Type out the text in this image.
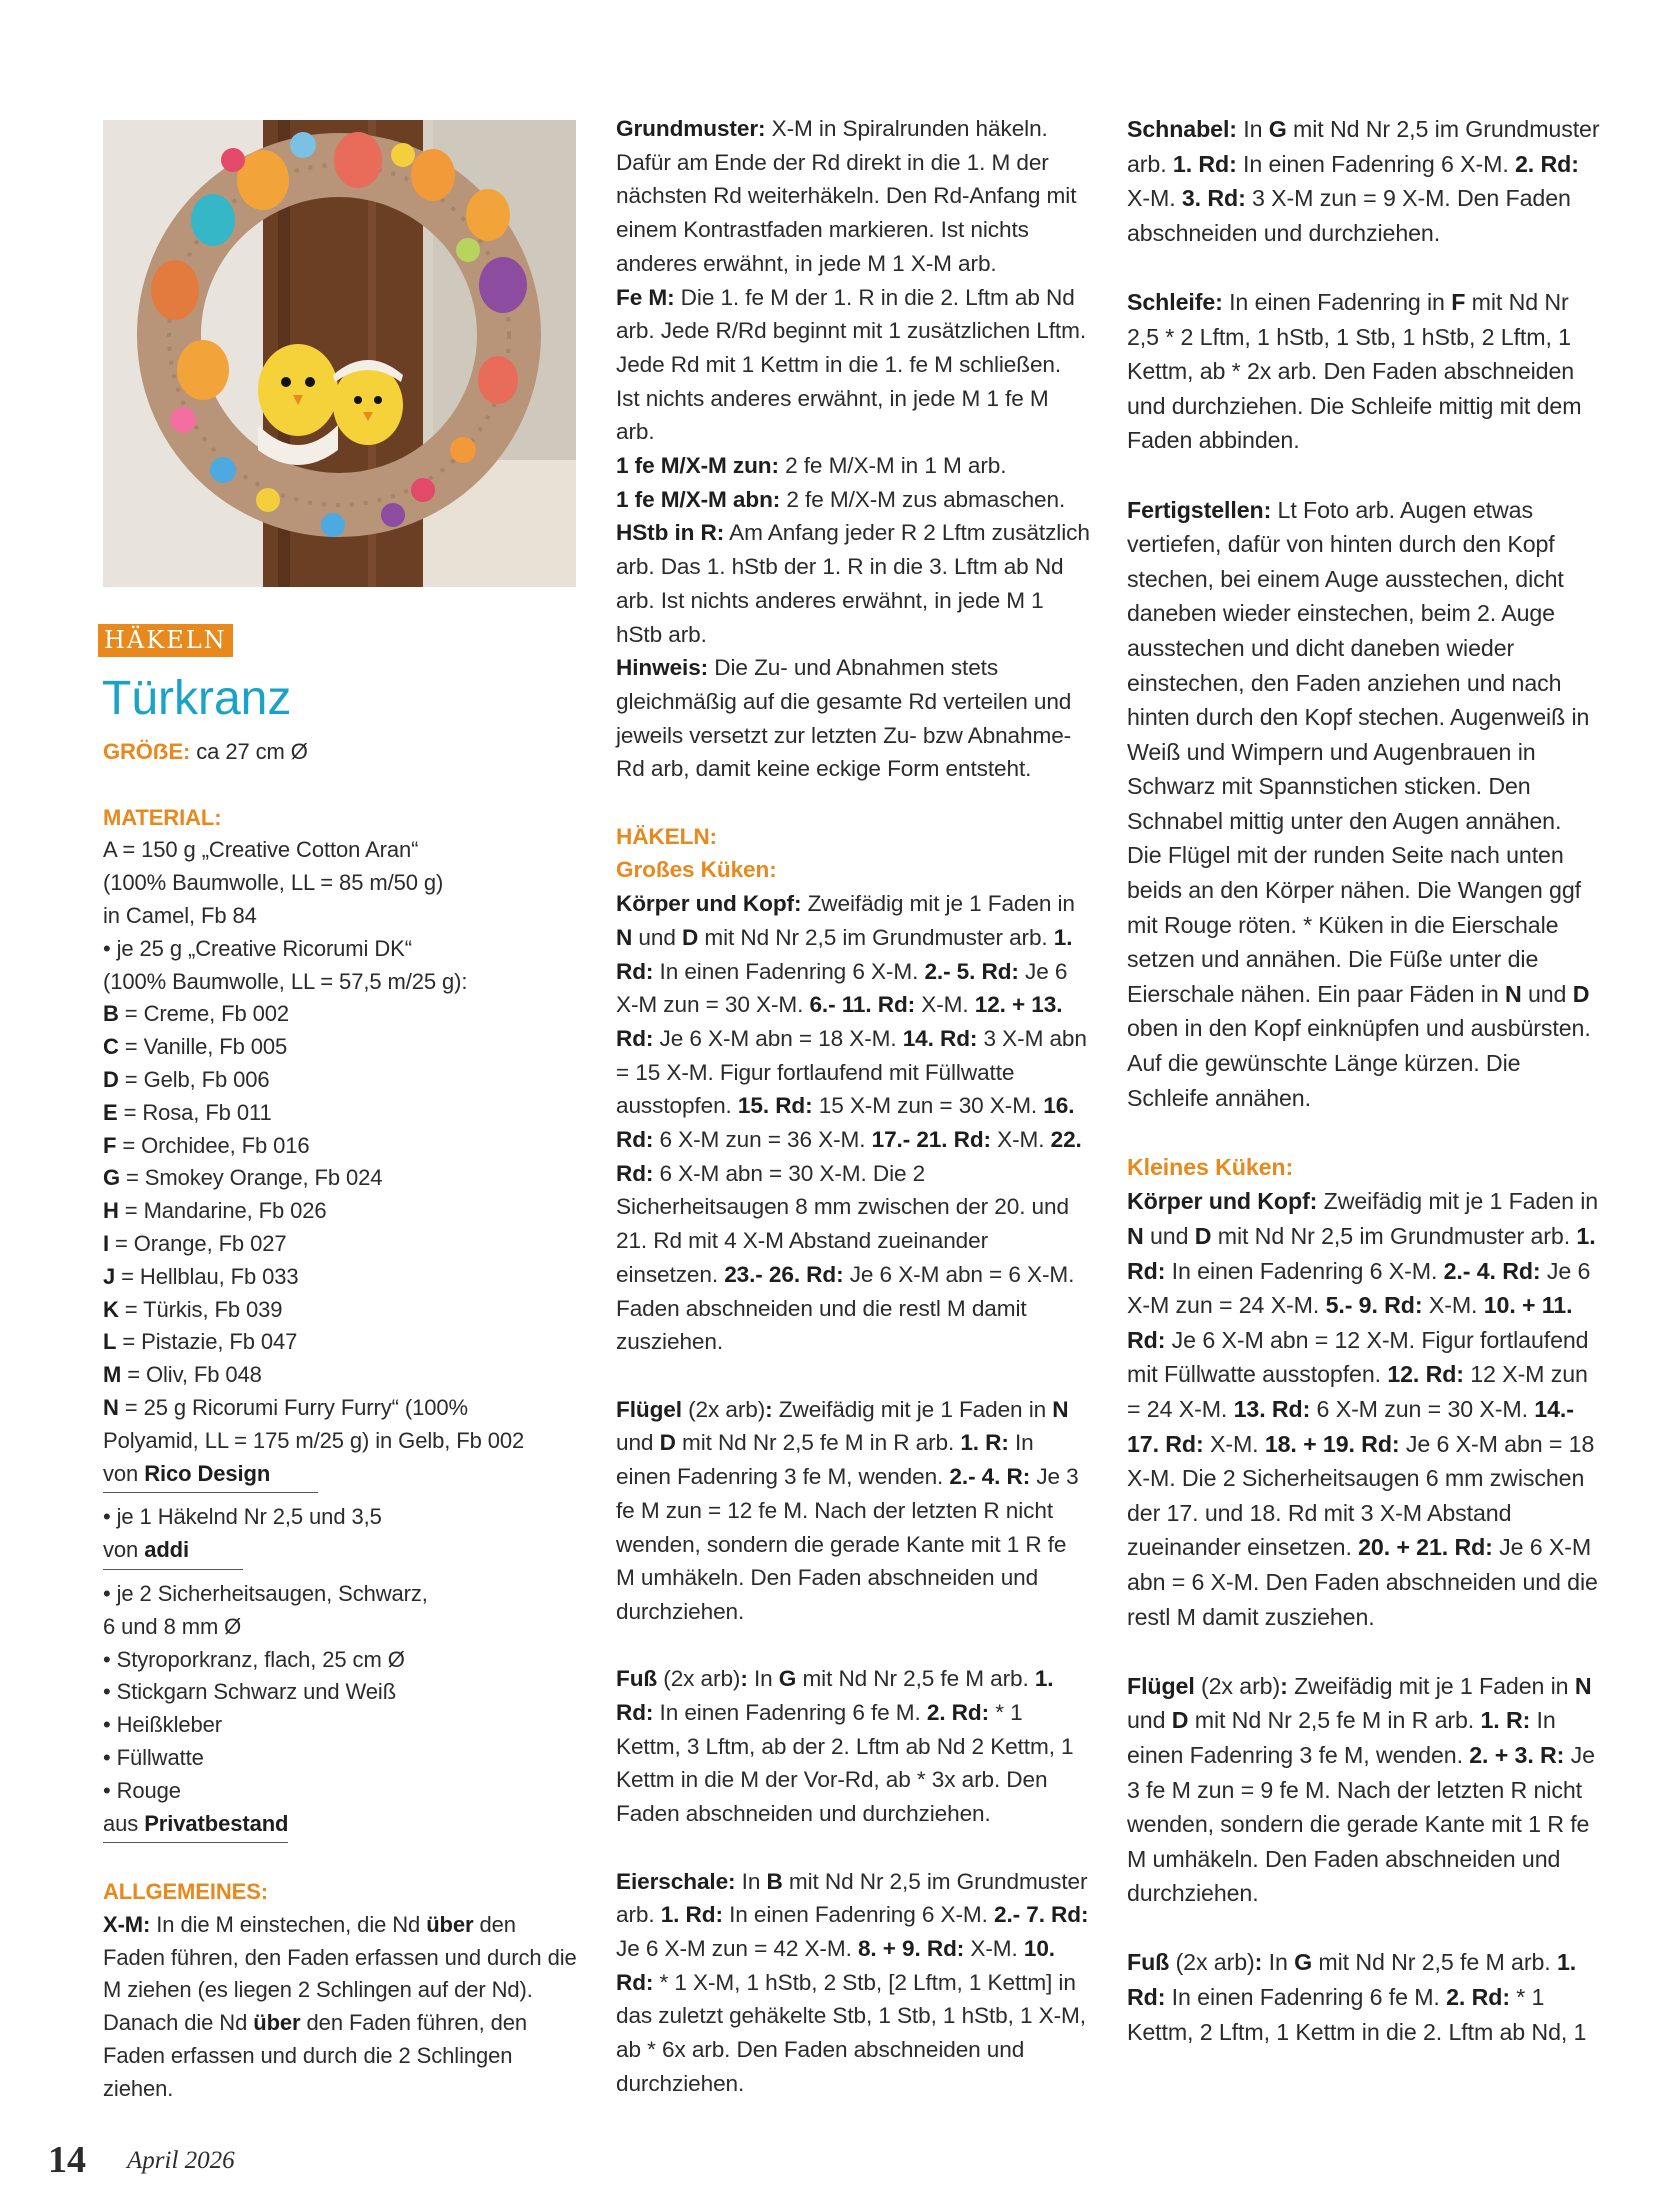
HÄKELN
Türkranz

GRÖẞE: ca 27 cm Ø

MATERIAL:

A = 150 g „Creative Cotton Aran“

(100% Baumwolle, LL = 85 m/50 g)

in Camel, Fb 84

• je 25 g „Creative Ricorumi DK“

(100% Baumwolle, LL = 57,5 m/25 g):

B = Creme, Fb 002

C = Vanille, Fb 005

D = Gelb, Fb 006

E = Rosa, Fb 011

F = Orchidee, Fb 016

G = Smokey Orange, Fb 024

H = Mandarine, Fb 026

I = Orange, Fb 027

J = Hellblau, Fb 033

K = Türkis, Fb 039

L = Pistazie, Fb 047

M = Oliv, Fb 048

N = 25 g Ricorumi Furry Furry“ (100%

Polyamid, LL = 175 m/25 g) in Gelb, Fb 002

von Rico Design

• je 1 Häkelnd Nr 2,5 und 3,5

von addi

• je 2 Sicherheitsaugen, Schwarz,

6 und 8 mm Ø

• Styroporkranz, flach, 25 cm Ø

• Stickgarn Schwarz und Weiß

• Heißkleber

• Füllwatte

• Rouge

aus Privatbestand

ALLGEMEINES:

X-M: In die M einstechen, die Nd über den Faden führen, den Faden erfassen und durch die M ziehen (es liegen 2 Schlingen auf der Nd). Danach die Nd über den Faden führen, den Faden erfassen und durch die 2 Schlingen ziehen.

Grundmuster: X-M in Spiralrunden häkeln. Dafür am Ende der Rd direkt in die 1. M der nächsten Rd weiterhäkeln. Den Rd-Anfang mit einem Kontrastfaden markieren. Ist nichts anderes erwähnt, in jede M 1 X-M arb.

Fe M: Die 1. fe M der 1. R in die 2. Lftm ab Nd arb. Jede R/Rd beginnt mit 1 zusätzlichen Lftm. Jede Rd mit 1 Kettm in die 1. fe M schließen. Ist nichts anderes erwähnt, in jede M 1 fe M arb.

1 fe M/X-M zun: 2 fe M/X-M in 1 M arb.

1 fe M/X-M abn: 2 fe M/X-M zus abmaschen.

HStb in R: Am Anfang jeder R 2 Lftm zusätzlich arb. Das 1. hStb der 1. R in die 3. Lftm ab Nd arb. Ist nichts anderes erwähnt, in jede M 1 hStb arb.

Hinweis: Die Zu- und Abnahmen stets gleichmäßig auf die gesamte Rd verteilen und jeweils versetzt zur letzten Zu- bzw Abnahme-Rd arb, damit keine eckige Form entsteht.

HÄKELN:

Großes Küken:

Körper und Kopf: Zweifädig mit je 1 Faden in N und D mit Nd Nr 2,5 im Grundmuster arb. 1. Rd: In einen Fadenring 6 X-M. 2.- 5. Rd: Je 6 X-M zun = 30 X-M. 6.- 11. Rd: X-M. 12. + 13. Rd: Je 6 X-M abn = 18 X-M. 14. Rd: 3 X-M abn = 15 X-M. Figur fortlaufend mit Füllwatte ausstopfen. 15. Rd: 15 X-M zun = 30 X-M. 16. Rd: 6 X-M zun = 36 X-M. 17.- 21. Rd: X-M. 22. Rd: 6 X-M abn = 30 X-M. Die 2 Sicherheitsaugen 8 mm zwischen der 20. und 21. Rd mit 4 X-M Abstand zueinander einsetzen. 23.- 26. Rd: Je 6 X-M abn = 6 X-M. Faden abschneiden und die restl M damit zusziehen.

Flügel (2x arb): Zweifädig mit je 1 Faden in N und D mit Nd Nr 2,5 fe M in R arb. 1. R: In einen Fadenring 3 fe M, wenden. 2.- 4. R: Je 3 fe M zun = 12 fe M. Nach der letzten R nicht wenden, sondern die gerade Kante mit 1 R fe M umhäkeln. Den Faden abschneiden und durchziehen.

Fuß (2x arb): In G mit Nd Nr 2,5 fe M arb. 1. Rd: In einen Fadenring 6 fe M. 2. Rd: * 1 Kettm, 3 Lftm, ab der 2. Lftm ab Nd 2 Kettm, 1 Kettm in die M der Vor-Rd, ab * 3x arb. Den Faden abschneiden und durchziehen.

Eierschale: In B mit Nd Nr 2,5 im Grundmuster arb. 1. Rd: In einen Fadenring 6 X-M. 2.- 7. Rd: Je 6 X-M zun = 42 X-M. 8. + 9. Rd: X-M. 10. Rd: * 1 X-M, 1 hStb, 2 Stb, [2 Lftm, 1 Kettm] in das zuletzt gehäkelte Stb, 1 Stb, 1 hStb, 1 X-M, ab * 6x arb. Den Faden abschneiden und durchziehen.

Schnabel: In G mit Nd Nr 2,5 im Grundmuster arb. 1. Rd: In einen Fadenring 6 X-M. 2. Rd: X-M. 3. Rd: 3 X-M zun = 9 X-M. Den Faden abschneiden und durchziehen.

Schleife: In einen Fadenring in F mit Nd Nr 2,5 * 2 Lftm, 1 hStb, 1 Stb, 1 hStb, 2 Lftm, 1 Kettm, ab * 2x arb. Den Faden abschneiden und durchziehen. Die Schleife mittig mit dem Faden abbinden.

Fertigstellen: Lt Foto arb. Augen etwas vertiefen, dafür von hinten durch den Kopf stechen, bei einem Auge ausstechen, dicht daneben wieder einstechen, beim 2. Auge ausstechen und dicht daneben wieder einstechen, den Faden anziehen und nach hinten durch den Kopf stechen. Augenweiß in Weiß und Wimpern und Augenbrauen in Schwarz mit Spannstichen sticken. Den Schnabel mittig unter den Augen annähen. Die Flügel mit der runden Seite nach unten beids an den Körper nähen. Die Wangen ggf mit Rouge röten. * Küken in die Eierschale setzen und annähen. Die Füße unter die Eierschale nähen. Ein paar Fäden in N und D oben in den Kopf einknüpfen und ausbürsten. Auf die gewünschte Länge kürzen. Die Schleife annähen.

Kleines Küken:

Körper und Kopf: Zweifädig mit je 1 Faden in N und D mit Nd Nr 2,5 im Grundmuster arb. 1. Rd: In einen Fadenring 6 X-M. 2.- 4. Rd: Je 6 X-M zun = 24 X-M. 5.- 9. Rd: X-M. 10. + 11. Rd: Je 6 X-M abn = 12 X-M. Figur fortlaufend mit Füllwatte ausstopfen. 12. Rd: 12 X-M zun = 24 X-M. 13. Rd: 6 X-M zun = 30 X-M. 14.- 17. Rd: X-M. 18. + 19. Rd: Je 6 X-M abn = 18 X-M. Die 2 Sicherheitsaugen 6 mm zwischen der 17. und 18. Rd mit 3 X-M Abstand zueinander einsetzen. 20. + 21. Rd: Je 6 X-M abn = 6 X-M. Den Faden abschneiden und die restl M damit zusziehen.

Flügel (2x arb): Zweifädig mit je 1 Faden in N und D mit Nd Nr 2,5 fe M in R arb. 1. R: In einen Fadenring 3 fe M, wenden. 2. + 3. R: Je 3 fe M zun = 9 fe M. Nach der letzten R nicht wenden, sondern die gerade Kante mit 1 R fe M umhäkeln. Den Faden abschneiden und durchziehen.

Fuß (2x arb): In G mit Nd Nr 2,5 fe M arb. 1. Rd: In einen Fadenring 6 fe M. 2. Rd: * 1 Kettm, 2 Lftm, 1 Kettm in die 2. Lftm ab Nd, 1

14 April 2026
